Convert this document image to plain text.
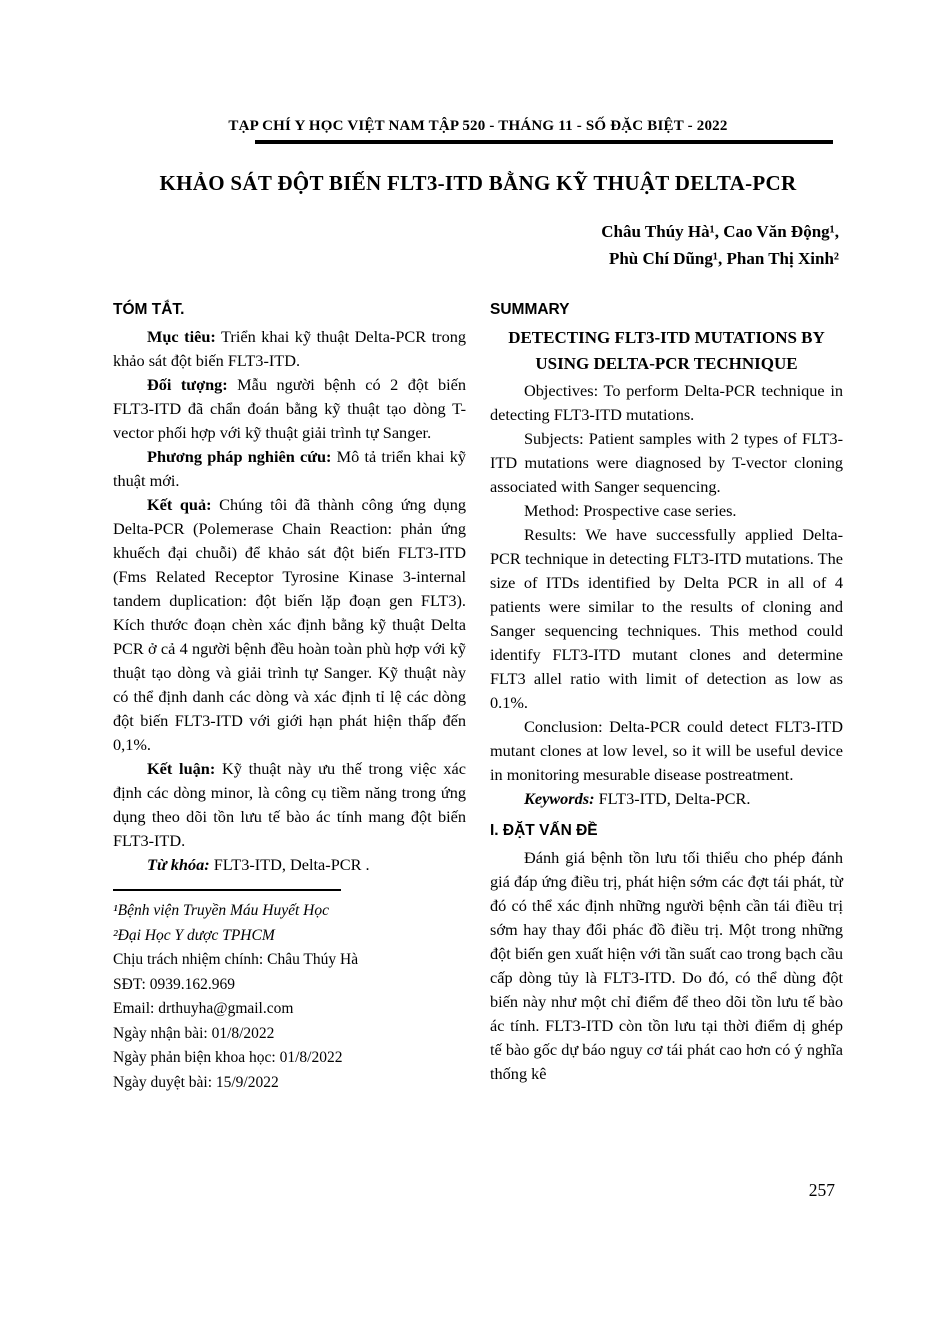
TẠP CHÍ Y HỌC VIỆT NAM TẬP 520 - THÁNG 11 - SỐ ĐẶC BIỆT - 2022
KHẢO SÁT ĐỘT BIẾN FLT3-ITD BẰNG KỸ THUẬT DELTA-PCR
Châu Thúy Hà¹, Cao Văn Động¹,
Phù Chí Dũng¹, Phan Thị Xinh²
TÓM TẮT.

Mục tiêu: Triển khai kỹ thuật Delta-PCR trong khảo sát đột biến FLT3-ITD.

Đối tượng: Mẫu người bệnh có 2 đột biến FLT3-ITD đã chẩn đoán bằng kỹ thuật tạo dòng T-vector phối hợp với kỹ thuật giải trình tự Sanger.

Phương pháp nghiên cứu: Mô tả triển khai kỹ thuật mới.

Kết quả: Chúng tôi đã thành công ứng dụng Delta-PCR (Polemerase Chain Reaction: phản ứng khuếch đại chuỗi) để khảo sát đột biến FLT3-ITD (Fms Related Receptor Tyrosine Kinase 3-internal tandem duplication: đột biến lặp đoạn gen FLT3). Kích thước đoạn chèn xác định bằng kỹ thuật Delta PCR ở cả 4 người bệnh đều hoàn toàn phù hợp với kỹ thuật tạo dòng và giải trình tự Sanger. Kỹ thuật này có thể định danh các dòng và xác định tỉ lệ các dòng đột biến FLT3-ITD với giới hạn phát hiện thấp đến 0,1%.

Kết luận: Kỹ thuật này ưu thế trong việc xác định các dòng minor, là công cụ tiềm năng trong ứng dụng theo dõi tồn lưu tế bào ác tính mang đột biến FLT3-ITD.

Từ khóa: FLT3-ITD, Delta-PCR .

¹Bệnh viện Truyền Máu Huyết Học
²Đại Học Y dược TPHCM
Chịu trách nhiệm chính: Châu Thúy Hà
SĐT: 0939.162.969
Email: drthuyha@gmail.com
Ngày nhận bài: 01/8/2022
Ngày phản biện khoa học: 01/8/2022
Ngày duyệt bài: 15/9/2022
SUMMARY
DETECTING FLT3-ITD MUTATIONS BY USING DELTA-PCR TECHNIQUE

Objectives: To perform Delta-PCR technique in detecting FLT3-ITD mutations.

Subjects: Patient samples with 2 types of FLT3-ITD mutations were diagnosed by T-vector cloning associated with Sanger sequencing.

Method: Prospective case series.

Results: We have successfully applied Delta-PCR technique in detecting FLT3-ITD mutations. The size of ITDs identified by Delta PCR in all of 4 patients were similar to the results of cloning and Sanger sequencing techniques. This method could identify FLT3-ITD mutant clones and determine FLT3 allel ratio with limit of detection as low as 0.1%.

Conclusion: Delta-PCR could detect FLT3-ITD mutant clones at low level, so it will be useful device in monitoring mesurable disease postreatment.

Keywords: FLT3-ITD, Delta-PCR.

I. ĐẶT VẤN ĐỀ

Đánh giá bệnh tồn lưu tối thiểu cho phép đánh giá đáp ứng điều trị, phát hiện sớm các đợt tái phát, từ đó có thể xác định những người bệnh cần tái điều trị sớm hay thay đổi phác đồ điều trị. Một trong những đột biến gen xuất hiện với tần suất cao trong bạch cầu cấp dòng tủy là FLT3-ITD. Do đó, có thể dùng đột biến này như một chỉ điểm để theo dõi tồn lưu tế bào ác tính. FLT3-ITD còn tồn lưu tại thời điểm dị ghép tế bào gốc dự báo nguy cơ tái phát cao hơn có ý nghĩa thống kê

257
